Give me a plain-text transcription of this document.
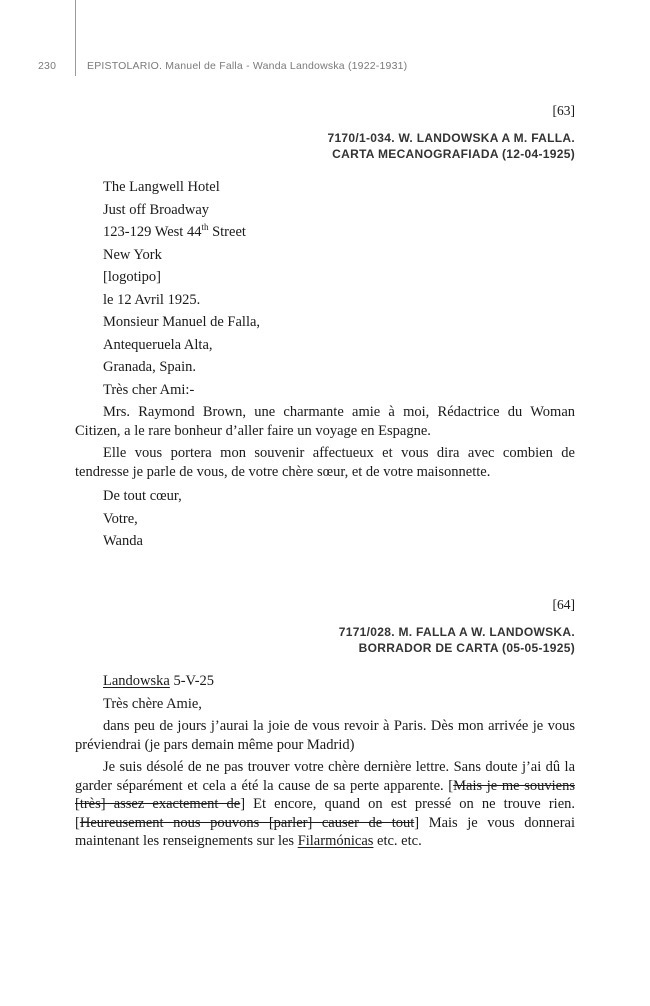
230	EPISTOLARIO. Manuel de Falla - Wanda Landowska (1922-1931)
[63]
7170/1-034. W. LANDOWSKA A M. FALLA.
CARTA MECANOGRAFIADA (12-04-1925)
The Langwell Hotel
Just off Broadway
123-129 West 44th Street
New York
[logotipo]
le 12 Avril 1925.
Monsieur Manuel de Falla,
Antequeruela Alta,
Granada, Spain.
Très cher Ami:-
Mrs. Raymond Brown, une charmante amie à moi, Rédactrice du Woman Citizen, a le rare bonheur d’aller faire un voyage en Espagne.
Elle vous portera mon souvenir affectueux et vous dira avec combien de tendresse je parle de vous, de votre chère sœur, et de votre maisonnette.
De tout cœur,
Votre,
Wanda
[64]
7171/028. M. FALLA A W. LANDOWSKA.
BORRADOR DE CARTA (05-05-1925)
Landowska 5-V-25
Très chère Amie,
dans peu de jours j’aurai la joie de vous revoir à Paris. Dès mon arrivée je vous préviendrai (je pars demain même pour Madrid)
Je suis désolé de ne pas trouver votre chère dernière lettre. Sans doute j’ai dû la garder séparément et cela a été la cause de sa perte apparente. [Mais je me souviens [très] assez exactement de] Et encore, quand on est pressé on ne trouve rien. [Heureusement nous pouvons [parler] causer de tout] Mais je vous donnerai maintenant les renseignements sur les Filarmónicas etc. etc.
